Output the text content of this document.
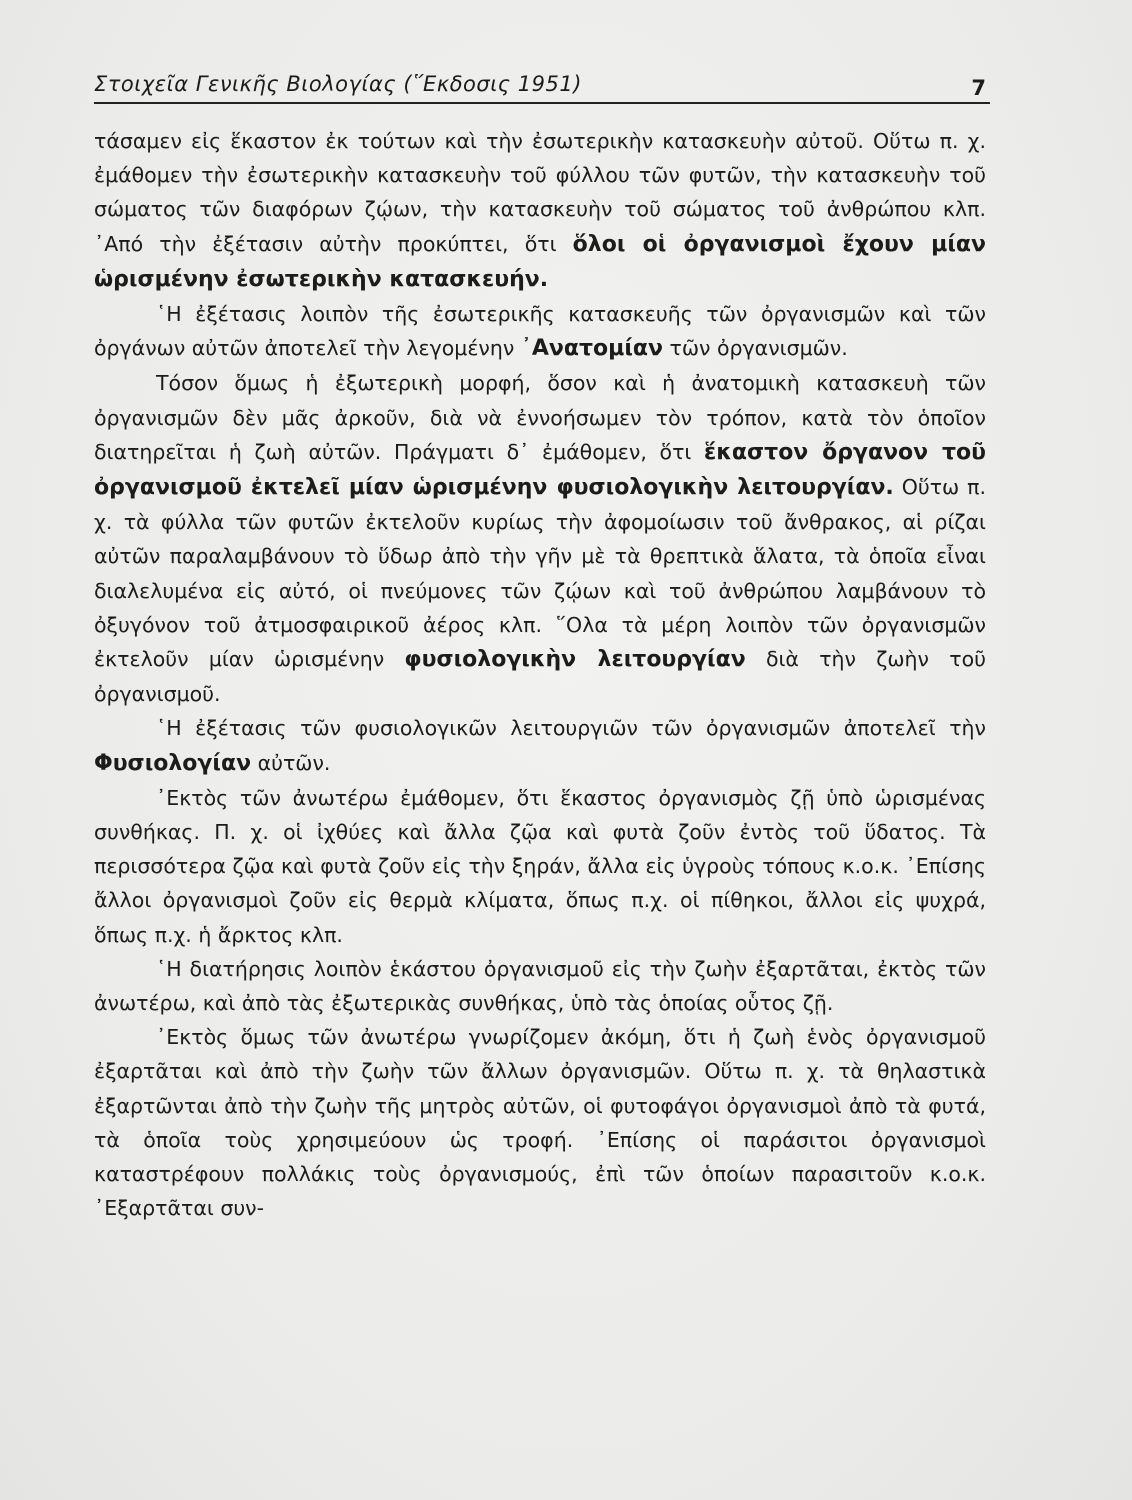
Στοιχεῖα Γενικῆς Βιολογίας (῞Εκδοσις 1951)	7

τάσαμεν εἰς ἕκαστον ἐκ τούτων καὶ τὴν ἐσωτερικὴν κατασκευὴν αὐτοῦ. Οὕτω π. χ. ἐμάθομεν τὴν ἐσωτερικὴν κατασκευὴν τοῦ φύλλου τῶν φυτῶν, τὴν κατασκευὴν τοῦ σώματος τῶν διαφόρων ζῴων, τὴν κατασκευὴν τοῦ σώματος τοῦ ἀνθρώπου κλπ. ᾿Από τὴν ἐξέτασιν αὐτὴν προκύπτει, ὅτι ὅλοι οἱ ὀργανισμοὶ ἔχουν μίαν ὡρισμένην ἐσωτερικὴν κατασκευήν.

῾Η ἐξέτασις λοιπὸν τῆς ἐσωτερικῆς κατασκευῆς τῶν ὀργανισμῶν καὶ τῶν ὀργάνων αὐτῶν ἀποτελεῖ τὴν λεγομένην ᾿Ανατομίαν τῶν ὀργανισμῶν.

Τόσον ὅμως ἡ ἐξωτερικὴ μορφή, ὅσον καὶ ἡ ἀνατομικὴ κατασκευὴ τῶν ὀργανισμῶν δὲν μᾶς ἀρκοῦν, διὰ νὰ ἐννοήσωμεν τὸν τρόπον, κατὰ τὸν ὁποῖον διατηρεῖται ἡ ζωὴ αὐτῶν. Πράγματι δ᾿ ἐμάθομεν, ὅτι ἕκαστον ὄργανον τοῦ ὀργανισμοῦ ἐκτελεῖ μίαν ὡρισμένην φυσιολογικὴν λειτουργίαν. Οὕτω π. χ. τὰ φύλλα τῶν φυτῶν ἐκτελοῦν κυρίως τὴν ἀφομοίωσιν τοῦ ἄνθρακος, αἱ ρίζαι αὐτῶν παραλαμβάνουν τὸ ὕδωρ ἀπὸ τὴν γῆν μὲ τὰ θρεπτικὰ ἅλατα, τὰ ὁποῖα εἶναι διαλελυμένα εἰς αὐτό, οἱ πνεύμονες τῶν ζῴων καὶ τοῦ ἀνθρώπου λαμβάνουν τὸ ὀξυγόνον τοῦ ἀτμοσφαιρικοῦ ἀέρος κλπ. ῞Ολα τὰ μέρη λοιπὸν τῶν ὀργανισμῶν ἐκτελοῦν μίαν ὡρισμένην φυσιολογικὴν λειτουργίαν διὰ τὴν ζωὴν τοῦ ὀργανισμοῦ.

῾Η ἐξέτασις τῶν φυσιολογικῶν λειτουργιῶν τῶν ὀργανισμῶν ἀποτελεῖ τὴν Φυσιολογίαν αὐτῶν.

᾿Εκτὸς τῶν ἀνωτέρω ἐμάθομεν, ὅτι ἕκαστος ὀργανισμὸς ζῇ ὑπὸ ὡρισμένας συνθήκας. Π. χ. οἱ ἰχθύες καὶ ἄλλα ζῷα καὶ φυτὰ ζοῦν ἐντὸς τοῦ ὕδατος. Τὰ περισσότερα ζῷα καὶ φυτὰ ζοῦν εἰς τὴν ξηράν, ἄλλα εἰς ὑγροὺς τόπους κ.ο.κ. ᾿Επίσης ἄλλοι ὀργανισμοὶ ζοῦν εἰς θερμὰ κλίματα, ὅπως π.χ. οἱ πίθηκοι, ἄλλοι εἰς ψυχρά, ὅπως π.χ. ἡ ἄρκτος κλπ.

῾Η διατήρησις λοιπὸν ἑκάστου ὀργανισμοῦ εἰς τὴν ζωὴν ἐξαρτᾶται, ἐκτὸς τῶν ἀνωτέρω, καὶ ἀπὸ τὰς ἐξωτερικὰς συνθήκας, ὑπὸ τὰς ὁποίας οὗτος ζῇ.

᾿Εκτὸς ὅμως τῶν ἀνωτέρω γνωρίζομεν ἀκόμη, ὅτι ἡ ζωὴ ἑνὸς ὀργανισμοῦ ἐξαρτᾶται καὶ ἀπὸ τὴν ζωὴν τῶν ἄλλων ὀργανισμῶν. Οὕτω π. χ. τὰ θηλαστικὰ ἐξαρτῶνται ἀπὸ τὴν ζωὴν τῆς μητρὸς αὐτῶν, οἱ φυτοφάγοι ὀργανισμοὶ ἀπὸ τὰ φυτά, τὰ ὁποῖα τοὺς χρησιμεύουν ὡς τροφή. ᾿Επίσης οἱ παράσιτοι ὀργανισμοὶ καταστρέφουν πολλάκις τοὺς ὀργανισμούς, ἐπὶ τῶν ὁποίων παρασιτοῦν κ.ο.κ. ᾿Εξαρτᾶται συν-
